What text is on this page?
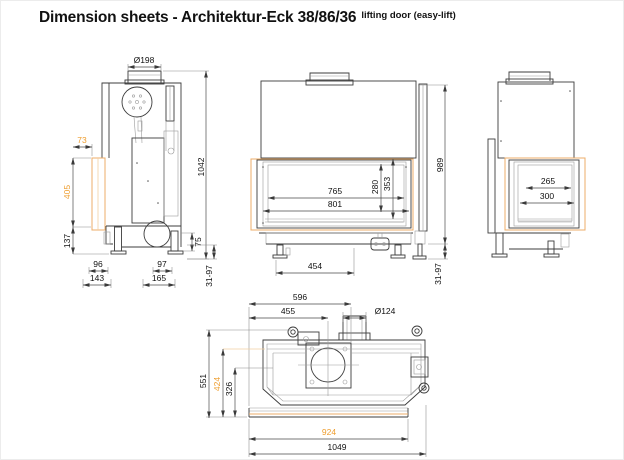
Dimension sheets - Architektur-Eck 38/86/36 $^{lifting door (easy-lift)}$
Ø198
1042
73
405
137	75
96
143
97
165	31-97
765
801
280 353
989
31-97
454
265
300
596
455	Ø124
551 424 326
924
1049
